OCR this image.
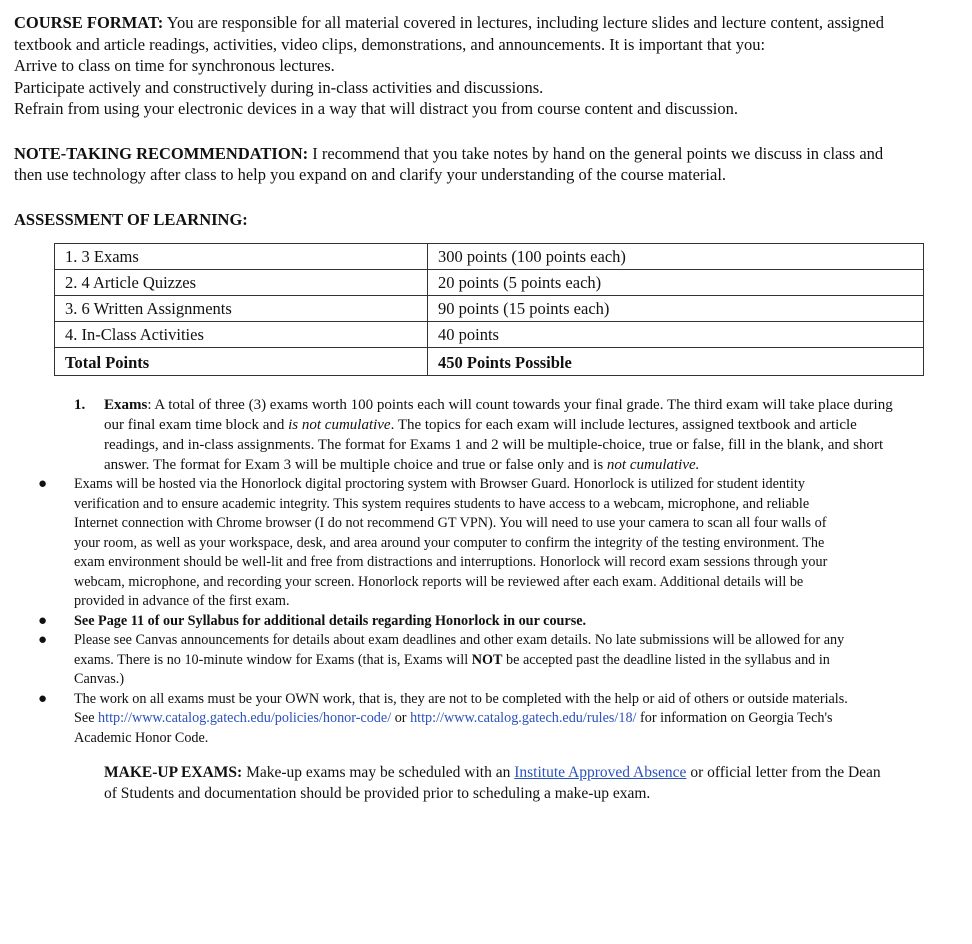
COURSE FORMAT: You are responsible for all material covered in lectures, including lecture slides and lecture content, assigned textbook and article readings, activities, video clips, demonstrations, and announcements. It is important that you:

Arrive to class on time for synchronous lectures.
Participate actively and constructively during in-class activities and discussions.
Refrain from using your electronic devices in a way that will distract you from course content and discussion.

NOTE-TAKING RECOMMENDATION: I recommend that you take notes by hand on the general points we discuss in class and then use technology after class to help you expand on and clarify your understanding of the course material.

ASSESSMENT OF LEARNING:

1. 3 Exams	300 points (100 points each)
2. 4 Article Quizzes	20 points (5 points each)
3. 6 Written Assignments	90 points (15 points each)
4. In-Class Activities	40 points
Total Points	450 Points Possible
1. Exams: A total of three (3) exams worth 100 points each will count towards your final grade. The third exam will take place during our final exam time block and is not cumulative. The topics for each exam will include lectures, assigned textbook and article readings, and in-class assignments. The format for Exams 1 and 2 will be multiple-choice, true or false, fill in the blank, and short answer. The format for Exam 3 will be multiple choice and true or false only and is not cumulative.
● Exams will be hosted via the Honorlock digital proctoring system with Browser Guard. Honorlock is utilized for student identity verification and to ensure academic integrity. This system requires students to have access to a webcam, microphone, and reliable Internet connection with Chrome browser (I do not recommend GT VPN). You will need to use your camera to scan all four walls of your room, as well as your workspace, desk, and area around your computer to confirm the integrity of the testing environment. The exam environment should be well-lit and free from distractions and interruptions. Honorlock will record exam sessions through your webcam, microphone, and recording your screen. Honorlock reports will be reviewed after each exam. Additional details will be provided in advance of the first exam.
● See Page 11 of our Syllabus for additional details regarding Honorlock in our course.
● Please see Canvas announcements for details about exam deadlines and other exam details. No late submissions will be allowed for any exams. There is no 10-minute window for Exams (that is, Exams will NOT be accepted past the deadline listed in the syllabus and in Canvas.)
● The work on all exams must be your OWN work, that is, they are not to be completed with the help or aid of others or outside materials. See http://www.catalog.gatech.edu/policies/honor-code/ or http://www.catalog.gatech.edu/rules/18/ for information on Georgia Tech's Academic Honor Code.

MAKE-UP EXAMS: Make-up exams may be scheduled with an Institute Approved Absence or official letter from the Dean of Students and documentation should be provided prior to scheduling a make-up exam.
